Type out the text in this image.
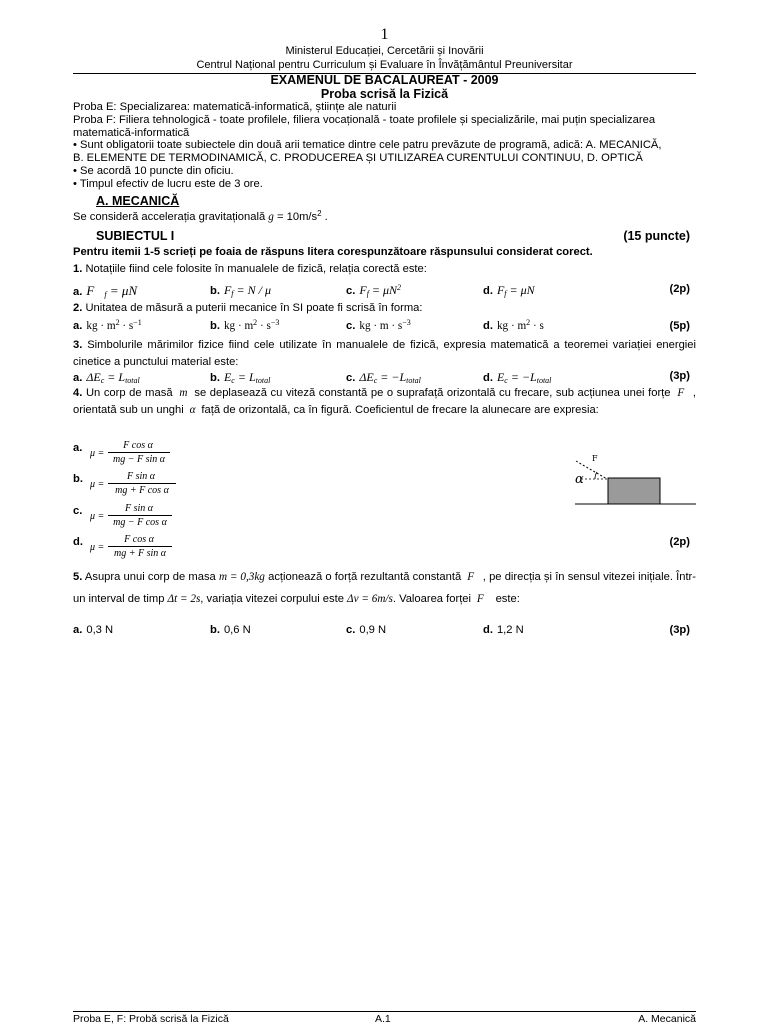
1
Ministerul Educației, Cercetării și Inovării
Centrul Național pentru Curriculum și Evaluare în Învățământul Preuniversitar
EXAMENUL DE BACALAUREAT - 2009
Proba scrisă la Fizică
Proba E: Specializarea: matematică-informatică, științe ale naturii
Proba F: Filiera tehnologică - toate profilele, filiera vocațională - toate profilele și specializările, mai puțin specializarea
matematică-informatică
• Sunt obligatorii toate subiectele din două arii tematice dintre cele patru prevăzute de programă, adică: A. MECANICĂ,
B. ELEMENTE DE TERMODINAMICĂ, C. PRODUCEREA ȘI UTILIZAREA CURENTULUI CONTINUU, D. OPTICĂ
• Se acordă 10 puncte din oficiu.
• Timpul efectiv de lucru este de 3 ore.
A. MECANICĂ
Se consideră accelerația gravitațională $g = 10m/s^2$ .
SUBIECTUL I	(15 puncte)
Pentru itemii 1-5 scrieți pe foaia de răspuns litera corespunzătoare răspunsului considerat corect.
1. Notațiile fiind cele folosite în manualele de fizică, relația corectă este:
a. $F⃗_f$ = μN⃗	b. $F_f = N / \mu$	c. $F_f = \mu N^2$	d. $F_f = \mu N$	(2p)
2. Unitatea de măsură a puterii mecanice în SI poate fi scrisă în forma:
a. kg · $m^2 \cdot s^{-1}$	b. kg · $m^2 \cdot s^{-3}$	c. kg · $m \cdot s^{-3}$	d. kg · $m^2 \cdot s$	(5p)
3. Simbolurile mărimilor fizice fiind cele utilizate în manualele de fizică, expresia matematică a teoremei variației energiei cinetice a punctului material este:
a. $\Delta E_c = L_{total}$	b. $E_c = L_{total}$	c. $\Delta E_c = -L_{total}$	d. $E_c = -L_{total}$	(3p)
4. Un corp de masă  m  se deplasează cu viteză constantă pe o suprafață orizontală cu frecare, sub acțiunea unei forțe  F⃗, orientată sub un unghi  α  față de orizontală, ca în figură. Coeficientul de frecare la alunecare are expresia:
a. μ =
F cos α
mg − F sin α
b. μ =
F sin α
mg + F cos α
c. μ =
F sin α
mg − F cos α
d. μ =
F cos α
mg + F sin α
(2p)
F
α
5. Asupra unui corp de masa m = 0,3kg acționează o forță rezultantă constantă  F⃗, pe direcția și în sensul vitezei inițiale. Într-un interval de timp Δt = 2s, variația vitezei corpului este Δv = 6m/s. Valoarea forței  F⃗ este:
a. 0,3 N	b. 0,6 N	c. 0,9 N	d. 1,2 N	(3p)
Proba E, F: Probă scrisă la Fizică	A.1	A. Mecanică
